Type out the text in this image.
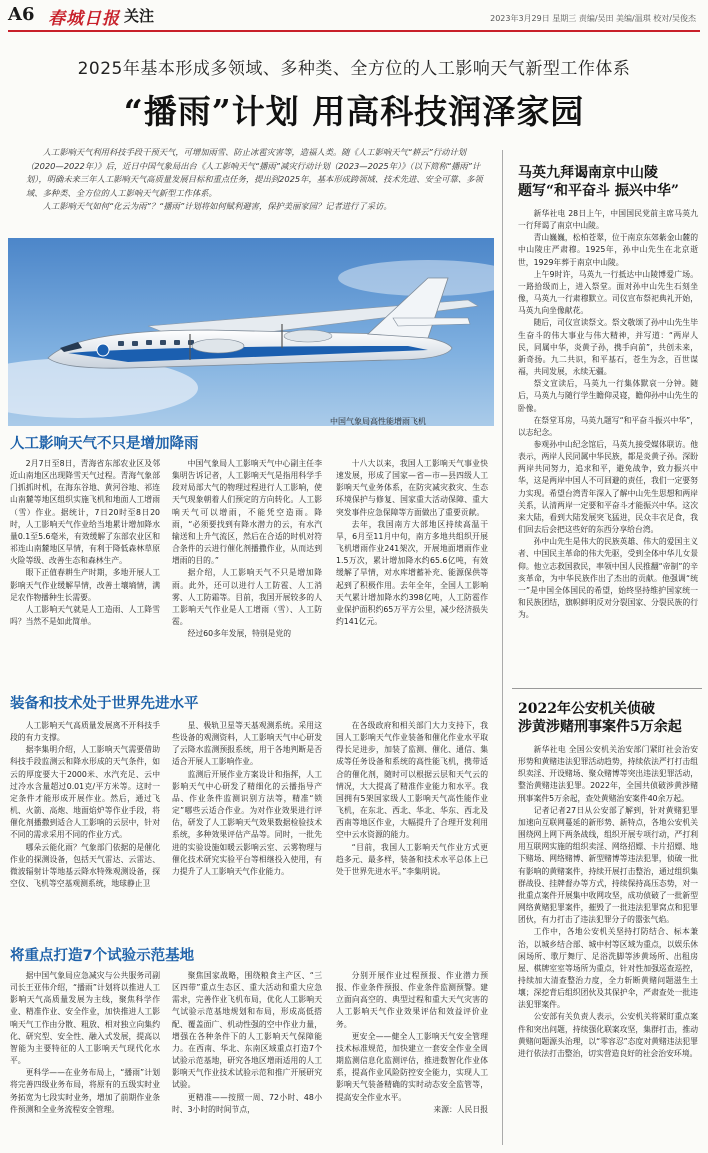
A6 春城日报 关注	2023年3月29日 星期三 责编/吴田 美编/温琪 校对/吴俊杰
2025年基本形成多领域、多种类、全方位的人工影响天气新型工作体系
“播雨”计划 用高科技润泽家园

人工影响天气利用科技手段干预天气，可增加雨雪、防止冰雹灾害等，造福人类。随《人工影响天气“耕云”行动计划（2020—2022年）》后，近日中国气象局出台《人工影响天气“播雨”减灾行动计划（2023—2025年）》（以下简称“播雨”计划），明确未来三年人工影响天气高质量发展目标和重点任务，提出到2025年，基本形成跨领域、技术先进、安全可靠、多领域、多种类、全方位的人工影响天气新型工作体系。

人工影响天气如何“化云为雨”？“播雨”计划将如何赋利避害，保护美丽家园？记者进行了采访。

中国气象局高性能增雨飞机
人工影响天气不只是增加降雨

2月7日至8日，青海省东部农业区及邻近山南地区出现降雪天气过程。青海气象部门抓抓时机，在海东谷地、黄河谷地、祁连山南麓等地区组织实施飞机和地面人工增雨（雪）作业。据统计，7日20时至8日20时，人工影响天气作业给当地累计增加降水量0.1至5.6毫米，有效缓解了东部农业区和祁连山南麓地区旱情，有利于降低森林草原火险等级、改善生态和森林生产。

眼下正值春耕生产时期，多地开展人工影响天气作业缓解旱情，改善土壤墒情，满足农作物播种生长需要。

人工影响天气就是人工造雨、人工降雪吗？当然不是如此简单。

中国气象局人工影响天气中心副主任李集明告诉记者，人工影响天气是指用科学手段对局部大气的物理过程进行人工影响，使天气现象朝着人们预定的方向转化。人工影响天气可以增雨，不能凭空造雨。降雨，“必须要找到有降水潜力的云，有水汽输送和上升气流区，然后在合适的时机对符合条件的云进行催化剂播撒作业，从而达到增雨的目的。”

据介绍，人工影响天气不只是增加降雨。此外，还可以进行人工防雹、人工消雾、人工防霜等。目前，我国开展较多的人工影响天气作业是人工增雨（雪）、人工防雹。

经过60多年发展，特别是党的

十八大以来，我国人工影响天气事业快速发展，形成了国家—省—市—县四级人工影响天气业务体系，在防灾减灾救灾、生态环境保护与修复、国家重大活动保障、重大突发事件应急保障等方面做出了重要贡献。

去年，我国南方大部地区持续高温干旱，6月至11月中旬，南方多地共组织开展飞机增雨作业241架次，开展地面增雨作业1.5万次，累计增加降水约65.6亿吨，有效缓解了旱情，对水库增蓄补充、能源保供等起到了积极作用。去年全年，全国人工影响天气累计增加降水约398亿吨，人工防雹作业保护面积约65万平方公里，减少经济损失约141亿元。

装备和技术处于世界先进水平

人工影响天气高质量发展离不开科技手段的有力支撑。

据李集明介绍，人工影响天气需要借助科技手段监测云和降水形成的天气条件，如云的厚度要大于2000米、水汽充足、云中过冷水含量超过0.01克/平方米等。这时一定条件才能形成开展作业。然后，通过飞机、火箭、高炮、地面焰炉等作业手段，将催化剂播撒到适合人工影响的云层中，针对不同的需求采用不同的作业方式。

哪朵云能化雨？气象部门依据的是催化作业的探测设备，包括天气雷达、云雷达、微波辐射计等地基云降水特殊观测设备，探空仪、飞机等空基观测系统，地球静止卫

星、极轨卫星等天基观测系统。采用这些设备的观测资料，人工影响天气中心研发了云降水监测预报系统，用于各地判断是否适合开展人工影响作业。

监测后开展作业方案设计和指挥，人工影响天气中心研发了精细化的云播指导产品、作业条件监测识别方法等，精准“锁定”哪些云适合作业。为对作业效果进行评估，研发了人工影响天气效果数据检验技术系统，多种效果评估产品等。同时，一批先进的实验设施如暖云影响云室、云雾物理与催化技术研究实验平台等相继投入使用，有力提升了人工影响天气作业能力。

在各级政府和相关部门大力支持下，我国人工影响天气作业装备和催化作业水平取得长足进步，加装了监测、催化、通信、集成等任务设备和系统的高性能飞机，携带适合的催化剂，随时可以根据云层和天气云的情况，大大提高了精准作业能力和水平。我国拥有5架国家级人工影响天气高性能作业飞机，在东北、西北、华北、华东、西北及西南等地区作业，大幅提升了合理开发利用空中云水资源的能力。

“目前，我国人工影响天气作业方式更趋多元、最多样，装备和技术水平总体上已处于世界先进水平。”李集明说。

将重点打造7个试验示范基地

据中国气象局应急减灾与公共服务司副司长王亚伟介绍，“播雨”计划将以推进人工影响天气高质量发展为主线，聚焦科学作业、精准作业、安全作业，加快推进人工影响天气工作由分散、粗放、相对独立向集约化、研究型、安全性、融入式发展，提高以智能为主要特征的人工影响天气现代化水平。

更科学——在业务布局上，“播雨”计划将完善四级业务布局，将原有的五级实时业务拓宽为七段实时业务，增加了前期作业条件预测和全业务流程安全管理。

聚焦国家战略，围绕粮食主产区、“三区四带”重点生态区、重大活动和重大应急需求，完善作业飞机布局，优化人工影响天气试验示范基地规划和布局，形成高低搭配、覆盖面广、机动性强的空中作业力量，增强在各种条件下的人工影响天气保障能力。在西南、华北、东南区域重点打造7个试验示范基地，研究各地区增雨适用的人工影响天气作业技术试验示范和推广开展研究试验。

更精准——按照一周、72小时、48小时、3小时的时间节点，

分别开展作业过程预报、作业潜力预报、作业条件预报、作业条件监测预警。建立面向高空的、典型过程和重大天气灾害的人工影响天气作业效果评估和效益评价业务。

更安全——健全人工影响天气安全管理技术标准规范，加快建立一套安全作业全周期监测信息化监测评估，推进数智化作业体系，提高作业风险防控安全能力，实现人工影响天气装备精确的实时动态安全监管等，提高安全作业水平。

来源：人民日报

马英九拜谒南京中山陵
题写“和平奋斗 振兴中华”

新华社电 28日上午，中国国民党前主席马英九一行拜谒了南京中山陵。

青山巍巍，松柏苍翠，位于南京东郊紫金山麓的中山陵庄严肃穆。1925年，孙中山先生在北京逝世，1929年葬于南京中山陵。

上午9时许，马英九一行抵达中山陵博爱广场。一路拾级而上，进入祭堂。面对孙中山先生石刻坐像，马英九一行肃穆默立。司仪宣布祭祀典礼开始，马英九向坐像献花。

随后，司仪宣读祭文。祭文敬颂了孙中山先生毕生奋斗的伟大事业与伟大精神，并写道：“两岸人民，同属中华，炎黄子孙，携手向前”，共创未来，新奇扬。九二共识，和平基石，苍生为念，百世谋福，共同发展，永续无疆。

祭文宣读后，马英九一行集体默哀一分钟。随后，马英九与随行学生瞻仰灵寝，瞻仰孙中山先生的卧像。

在祭堂耳房，马英九题写“和平奋斗振兴中华”，以志纪念。

参观孙中山纪念馆后，马英九接受媒体联访。他表示，两岸人民同属中华民族，都是炎黄子孙。深盼两岸共同努力，追求和平，避免战争，致力振兴中华，这是两岸中国人不可回避的责任，我们一定要努力实现。希望台湾青年深入了解中山先生思想和两岸关系，认清两岸一定要和平奋斗才能振兴中华。这次来大陆，看到大陆发展突飞猛进，民众丰衣足食，我们回去后会把这些好的东西分享给台湾。

孙中山先生是伟大的民族英雄、伟大的爱国主义者、中国民主革命的伟大先驱，受到全体中华儿女景仰。他立志救国救民，率领中国人民推翻“帝制”的辛亥革命，为中华民族作出了杰出的贡献。他强调“统一”是中国全体国民的希望，始终坚持维护国家统一和民族团结，旗帜鲜明反对分裂国家、分裂民族的行为。

2022年公安机关侦破
涉黄涉赌刑事案件5万余起

新华社电 全国公安机关治安部门紧盯社会治安形势和黄赌违法犯罪活动趋势，持续依法严打打击组织卖淫、开设赌场、聚众赌博等突出违法犯罪活动，整治黄赌违法犯罪。2022年，全国共侦破涉黄涉赌刑事案件5万余起，查处黄赌治安案件40余万起。

记者记者27日从公安部了解到，针对黄赌犯罪加速向互联网蔓延的新形势、新特点，各地公安机关围绕网上网下两条战线，组织开展专项行动，严打利用互联网实施的组织卖淫、网络招嫖、卡片招嫖、地下赌场、网络赌博、新型赌博等违法犯罪，侦破一批有影响的黄赌案件，持续开展打击整治，通过组织集群战役、挂牌督办等方式，持续保持高压态势，对一批重点案件开展集中收网攻坚，成功侦破了一批新型网络黄赌犯罪案件，摧毁了一批违法犯罪窝点和犯罪团伙，有力打击了违法犯罪分子的嚣张气焰。

工作中，各地公安机关坚持打防结合、标本兼治，以城乡结合部、城中村等区域为重点，以娱乐休闲场所、歌厅舞厅、足浴洗脚等涉黄场所、出租房屋、棋牌室室等场所为重点，针对性加强巡查巡控，持续加大清查整治力度，全力斩断黄赌问题滋生土壤；深挖背后组织团伙及其保护伞，严肃查处一批违法犯罪案件。

公安部有关负责人表示，公安机关将紧盯重点案件和突出问题，持续强化联案攻坚，集群打击，推动黄赌问题源头治理，以“零容忍”态度对黄赌违法犯罪进行依法打击整治，切实营造良好的社会治安环境。
